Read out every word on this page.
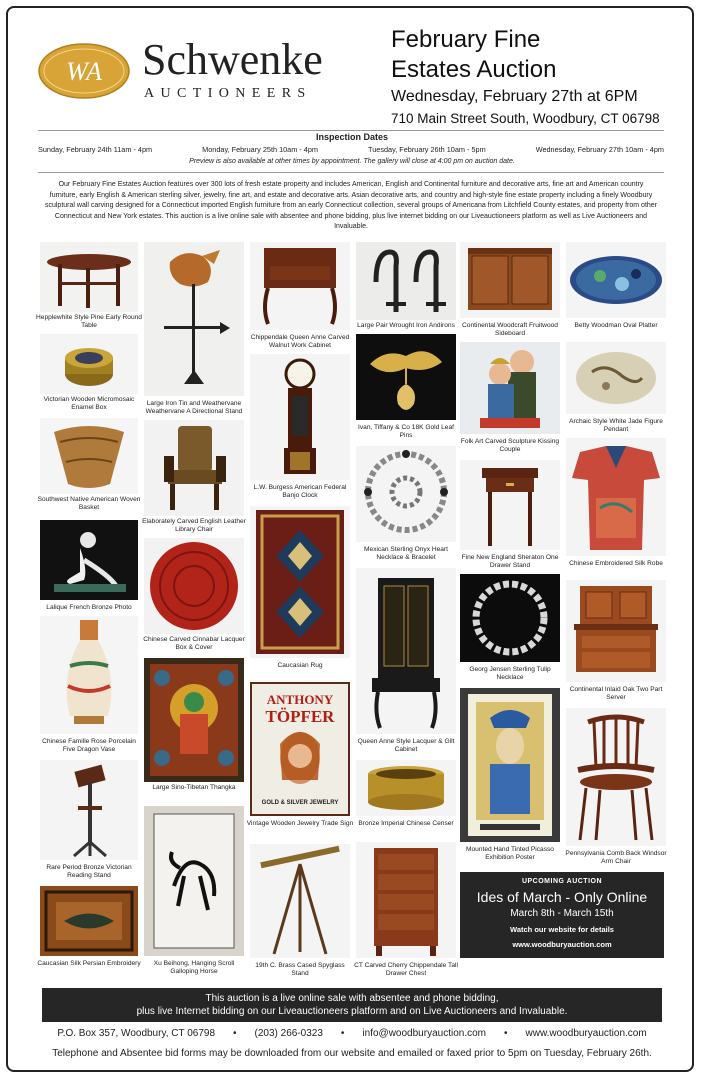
WA Schwenke
AUCTIONEERS
February Fine
Estates Auction
Wednesday, February 27th at 6PM
710 Main Street South, Woodbury, CT 06798
Inspection Dates
Sunday, February 24th 11am - 4pm	Monday, February 25th 10am - 4pm	Tuesday, February 26th 10am - 5pm	Wednesday, February 27th 10am - 4pm
Preview is also available at other times by appointment. The gallery will close at 4:00 pm on auction date.
Our February Fine Estates Auction features over 300 lots of fresh estate property and includes American, English and Continental furniture and decorative arts, fine art and American country furniture, early English & American sterling silver, jewelry, fine art, and estate and decorative arts. Asian decorative arts, and country and high-style fine estate property including a finely Woodbury sculptural wall carving designed for a Connecticut imported English furniture from an early Connecticut collection, several groups of Americana from Litchfield County estates, and property from other Connecticut and New York estates. This auction is a live online sale with absentee and phone bidding, plus live internet bidding on our Liveauctioneers platform as well as Live Auctioneers and Invaluable.
Hepplewhite Style Pine Early Round Table
Victorian Wooden Micromosaic Enamel Box
Southwest Native American Woven Basket
Lalique French Bronze Photo
Chinese Famille Rose Porcelain Five Dragon Vase
Rare Period Bronze Victorian Reading Stand
Caucasian Silk Persian Embroidery
Large Iron Tin and Weathervane Weathervane A Directional Stand
Elaborately Carved English Leather Library Chair
Chinese Carved Cinnabar Lacquer Box & Cover
Large Sino-Tibetan Thangka
Xu Beihong, Hanging Scroll Galloping Horse
Chippendale Queen Anne Carved Walnut Work Cabinet
L.W. Burgess American Federal Banjo Clock
Caucasian Rug
ANTHONY
TÖPFER
GOLD & SILVER JEWELRY
Vintage Wooden Jewelry Trade Sign
19th C. Brass Cased Spyglass Stand
Large Pair Wrought Iron Andirons
Ivan, Tiffany & Co 18K Gold Leaf Pins
Mexican Sterling Onyx Heart Necklace & Bracelet
Queen Anne Style Lacquer & Gilt Cabinet
Bronze Imperial Chinese Censer
CT Carved Cherry Chippendale Tall Drawer Chest
Continental Woodcraft Fruitwood Sideboard
Folk Art Carved Sculpture Kissing Couple
Fine New England Sheraton One Drawer Stand
Georg Jensen Sterling Tulip Necklace
Mounted Hand Tinted Picasso Exhibition Poster
Betty Woodman Oval Platter
Archaic Style White Jade Figure Pendant
Chinese Embroidered Silk Robe
Continental Inlaid Oak Two Part Server
Pennsylvania Comb Back Windsor Arm Chair
UPCOMING AUCTION
Ides of March - Only Online
March 8th - March 15th
Watch our website for details
www.woodburyauction.com
This auction is a live online sale with absentee and phone bidding,
plus live Internet bidding on our Liveauctioneers platform and on Live Auctioneers and Invaluable.
P.O. Box 357, Woodbury, CT 06798 • (203) 266-0323 • info@woodburyauction.com • www.woodburyauction.com
Telephone and Absentee bid forms may be downloaded from our website and emailed or faxed prior to 5pm on Tuesday, February 26th.
